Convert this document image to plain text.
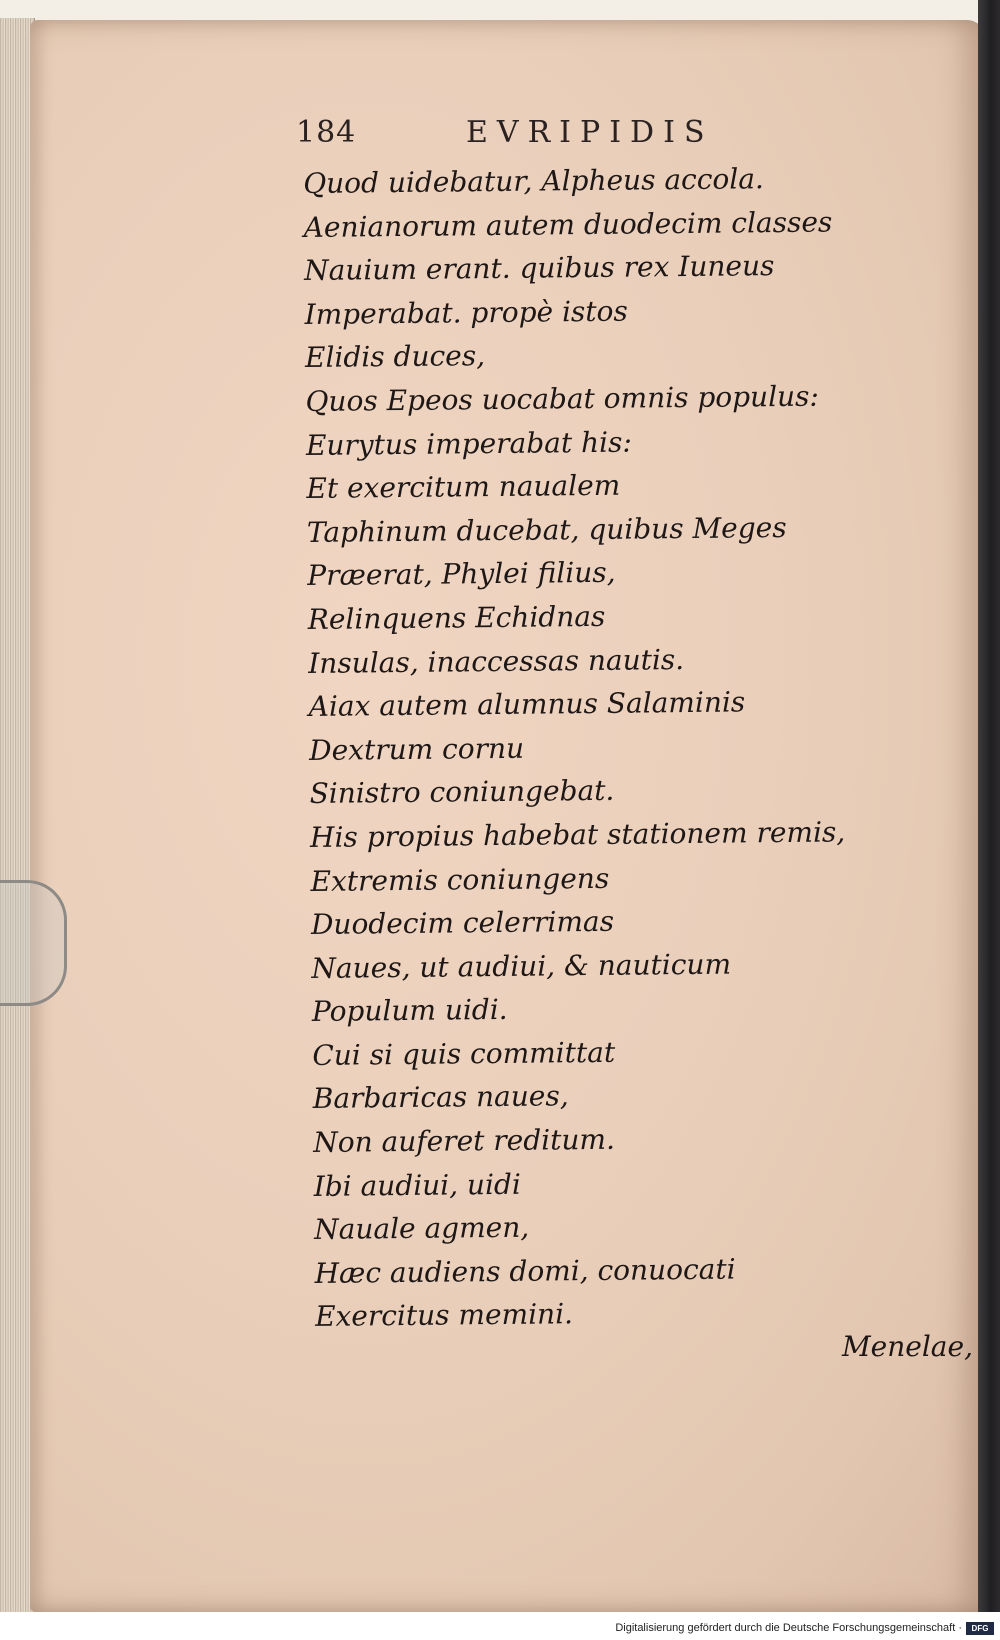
184	EVRIPIDIS
Quod uidebatur, Alpheus accola.
Aenianorum autem duodecim classes
Nauium erant. quibus rex Iuneus
Imperabat. propè istos
Elidis duces,
Quos Epeos uocabat omnis populus:
Eurytus imperabat his:
Et exercitum naualem
Taphinum ducebat, quibus Meges
Præerat, Phylei filius,
Relinquens Echidnas
Insulas, inaccessas nautis.
Aiax autem alumnus Salaminis
Dextrum cornu
Sinistro coniungebat.
His propius habebat stationem remis,
Extremis coniungens
Duodecim celerrimas
Naues, ut audiui, & nauticum
Populum uidi.
Cui si quis committat
Barbaricas naues,
Non auferet reditum.
Ibi audiui, uidi
Nauale agmen,
Hæc audiens domi, conuocati
Exercitus memini.
Menelae,
Digitalisierung gefördert durch die Deutsche Forschungsgemeinschaft ·	DFG
